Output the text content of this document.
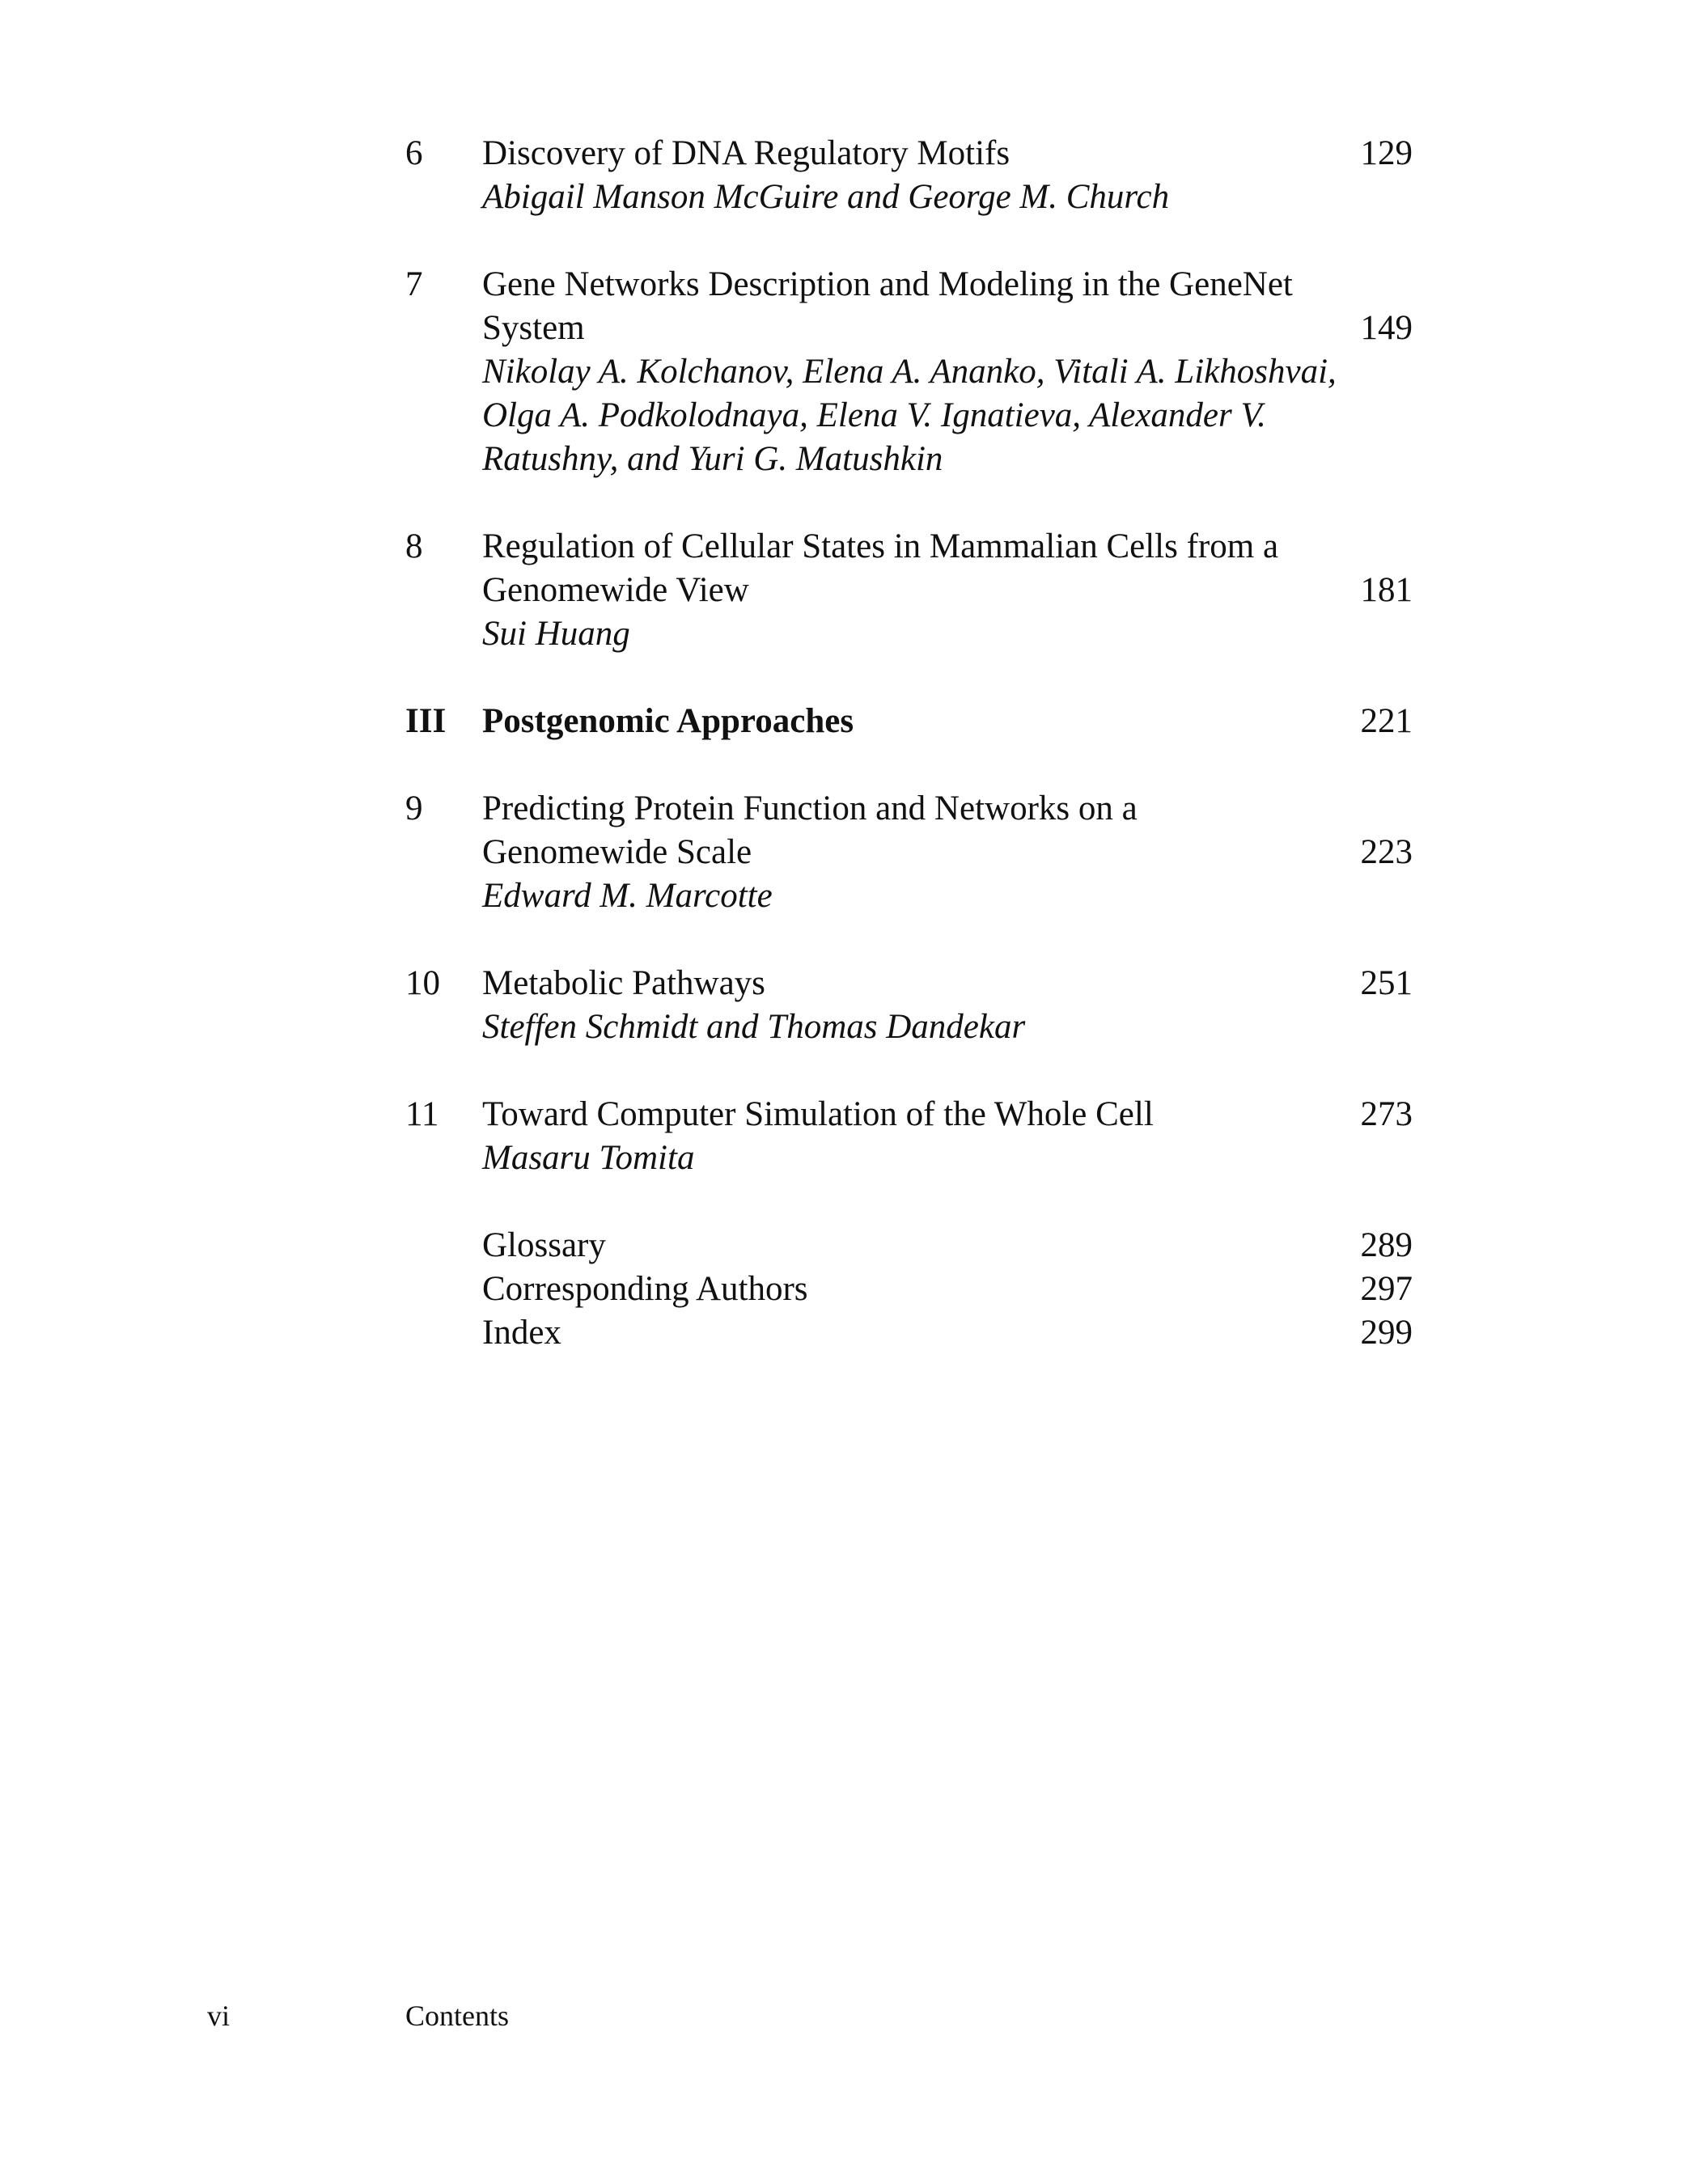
6	Discovery of DNA Regulatory Motifs	129
Abigail Manson McGuire and George M. Church
7	Gene Networks Description and Modeling in the GeneNet
System	149
Nikolay A. Kolchanov, Elena A. Ananko, Vitali A. Likhoshvai,
Olga A. Podkolodnaya, Elena V. Ignatieva, Alexander V.
Ratushny, and Yuri G. Matushkin
8	Regulation of Cellular States in Mammalian Cells from a
Genomewide View	181
Sui Huang
III	Postgenomic Approaches	221
9	Predicting Protein Function and Networks on a
Genomewide Scale	223
Edward M. Marcotte
10	Metabolic Pathways	251
Steffen Schmidt and Thomas Dandekar
11	Toward Computer Simulation of the Whole Cell	273
Masaru Tomita
Glossary	289
Corresponding Authors	297
Index	299
vi	Contents
